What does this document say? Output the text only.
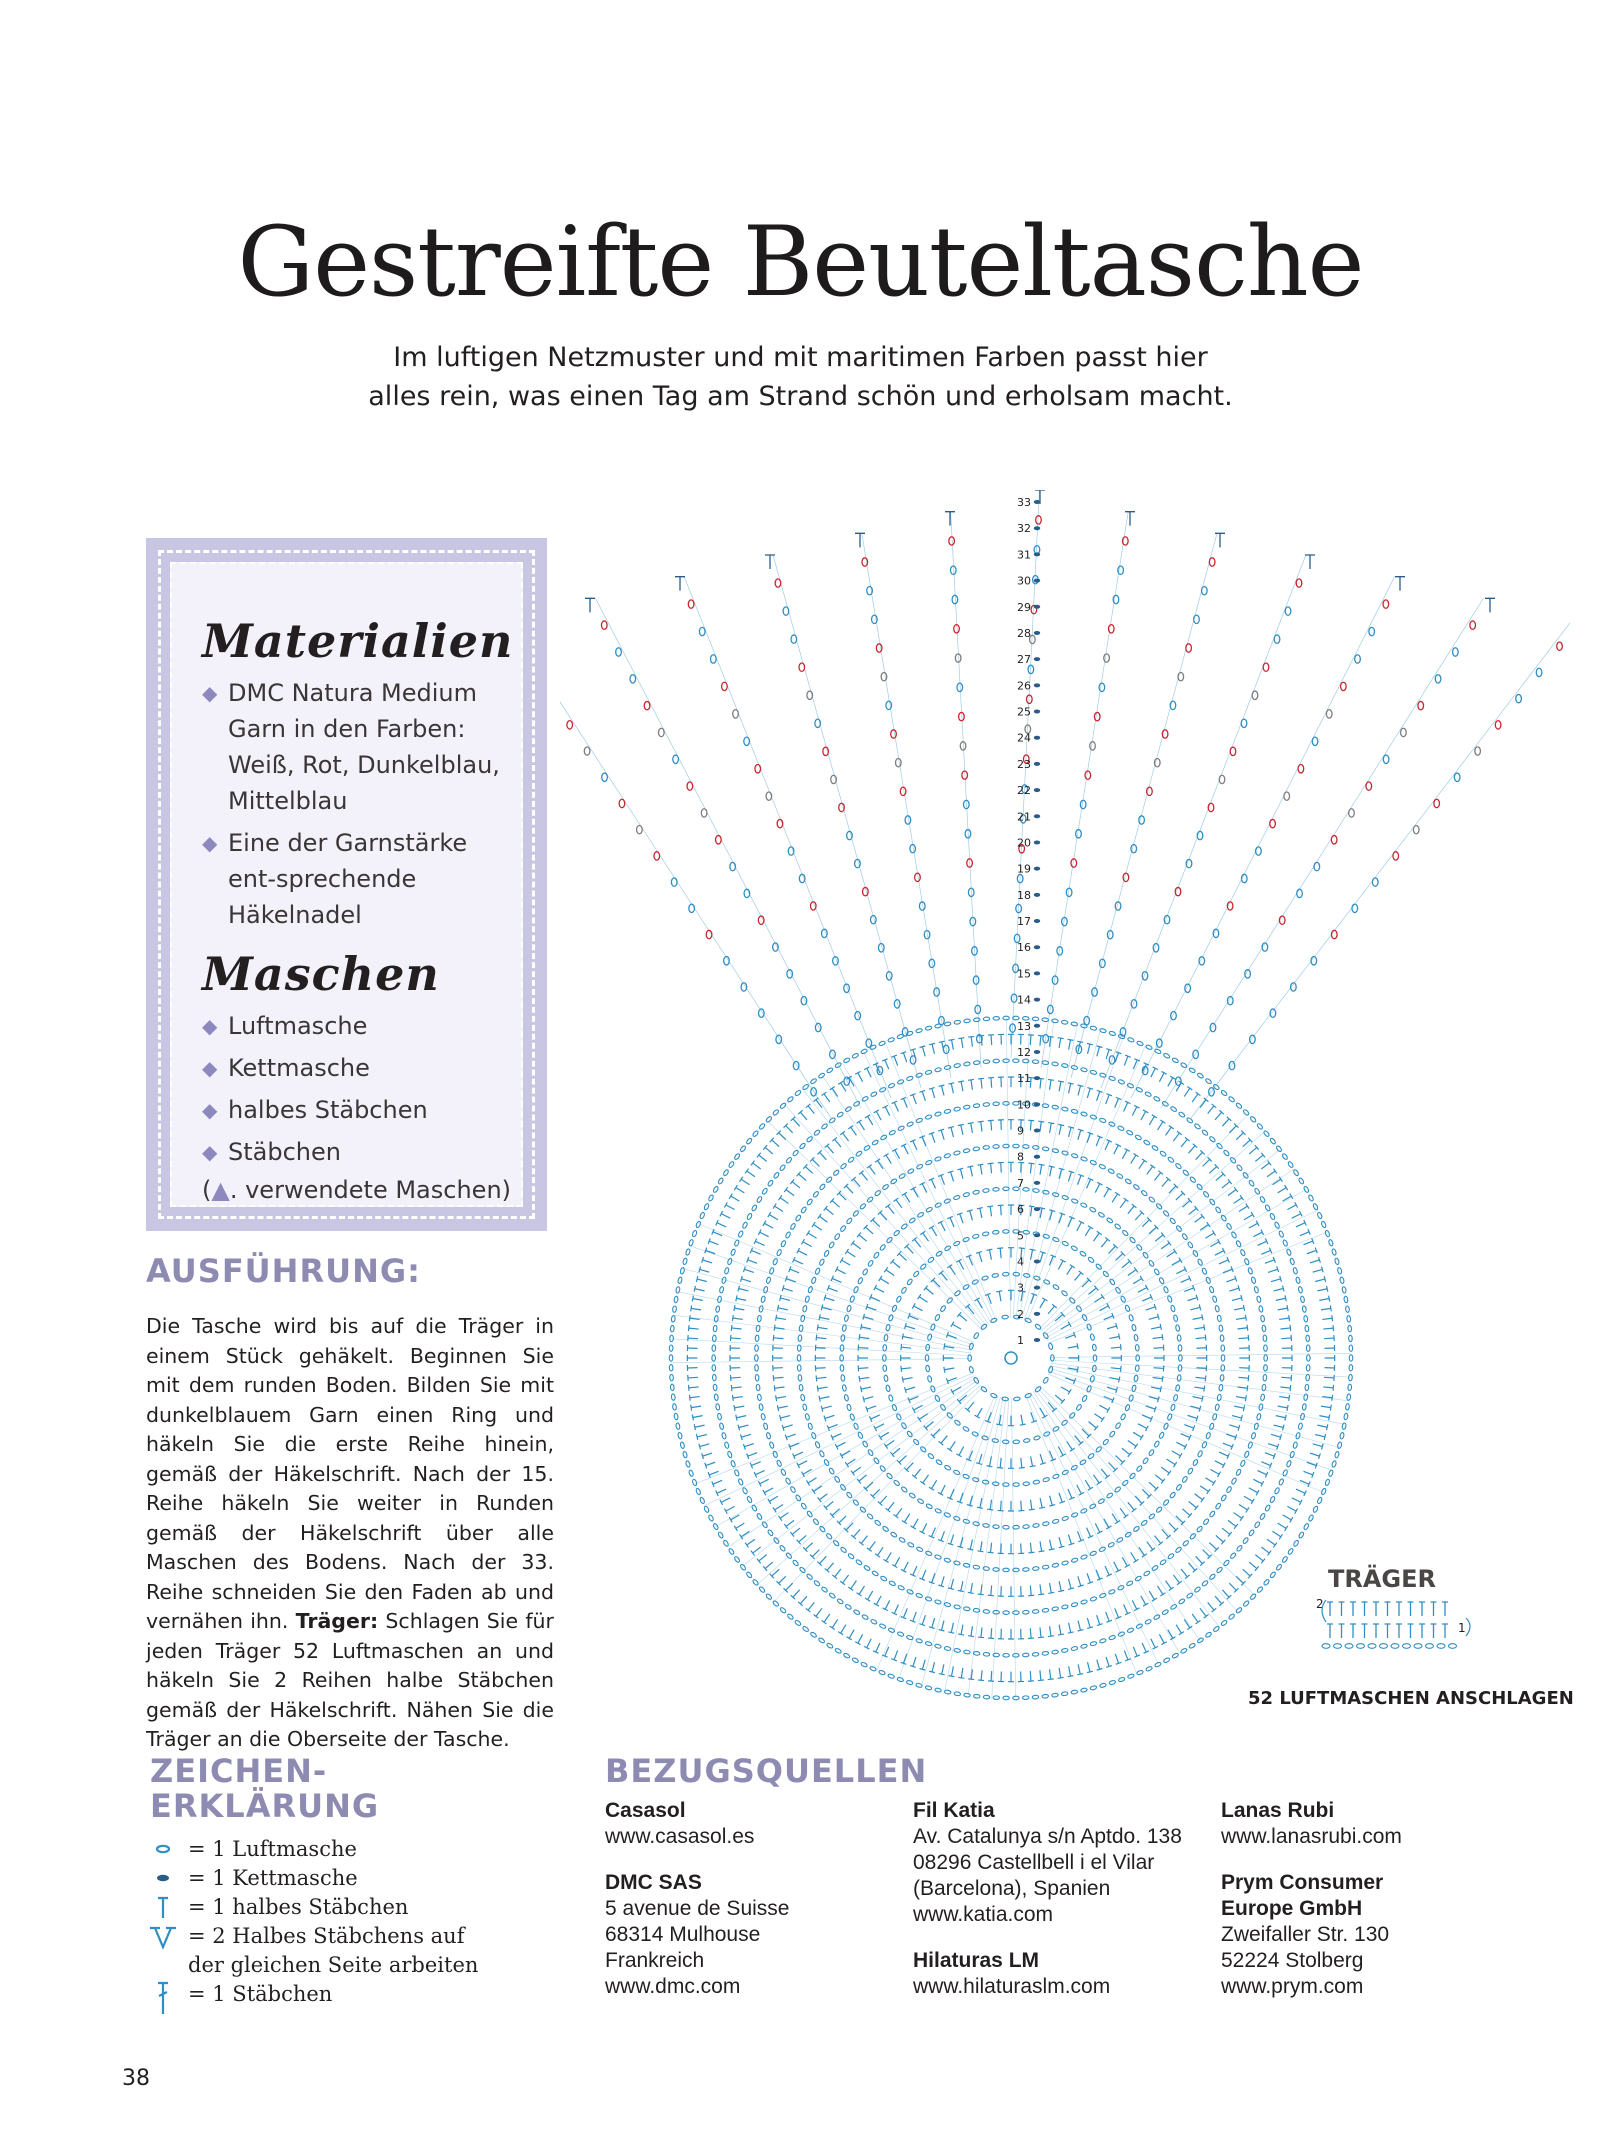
Gestreifte Beuteltasche
Im luftigen Netzmuster und mit maritimen Farben passt hier
alles rein, was einen Tag am Strand schön und erholsam macht.
Materialien
◆ DMC Natura Medium Garn in den Farben: Weiß, Rot, Dunkelblau, Mittelblau
◆ Eine der Garnstärke ent-sprechende Häkelnadel
Maschen
◆ Luftmasche
◆ Kettmasche
◆ halbes Stäbchen
◆ Stäbchen
(▲. verwendete Maschen)
AUSFÜHRUNG:
Die Tasche wird bis auf die Träger in einem Stück gehäkelt. Beginnen Sie mit dem runden Boden. Bilden Sie mit dunkelblauem Garn einen Ring und häkeln Sie die erste Reihe hinein, gemäß der Häkelschrift. Nach der 15. Reihe häkeln Sie weiter in Runden gemäß der Häkelschrift über alle Maschen des Bodens. Nach der 33. Reihe schneiden Sie den Faden ab und vernähen ihn. Träger: Schlagen Sie für jeden Träger 52 Luftmaschen an und häkeln Sie 2 Reihen halbe Stäbchen gemäß der Häkelschrift. Nähen Sie die Träger an die Oberseite der Tasche.
ZEICHEN-
ERKLÄRUNG
= 1 Luftmasche
= 1 Kettmasche
= 1 halbes Stäbchen
= 2 Halbes Stäbchens auf
der gleichen Seite arbeiten
= 1 Stäbchen
BEZUGSQUELLEN
Casasol
www.casasol.es
DMC SAS
5 avenue de Suisse
68314 Mulhouse
Frankreich
www.dmc.com
Fil Katia
Av. Catalunya s/n Aptdo. 138
08296 Castellbell i el Vilar
(Barcelona), Spanien
www.katia.com
Hilaturas LM
www.hilaturaslm.com
Lanas Rubi
www.lanasrubi.com
Prym Consumer
Europe GmbH
Zweifaller Str. 130
52224 Stolberg
www.prym.com
33
32
31
30
29
28
27
26
25
24
23
22
21
20
19
18
17
16
15
14
13
12
11
10
9
8
7
6
5
4
3
2
1
TRÄGER
2
1
52 LUFTMASCHEN ANSCHLAGEN
38
